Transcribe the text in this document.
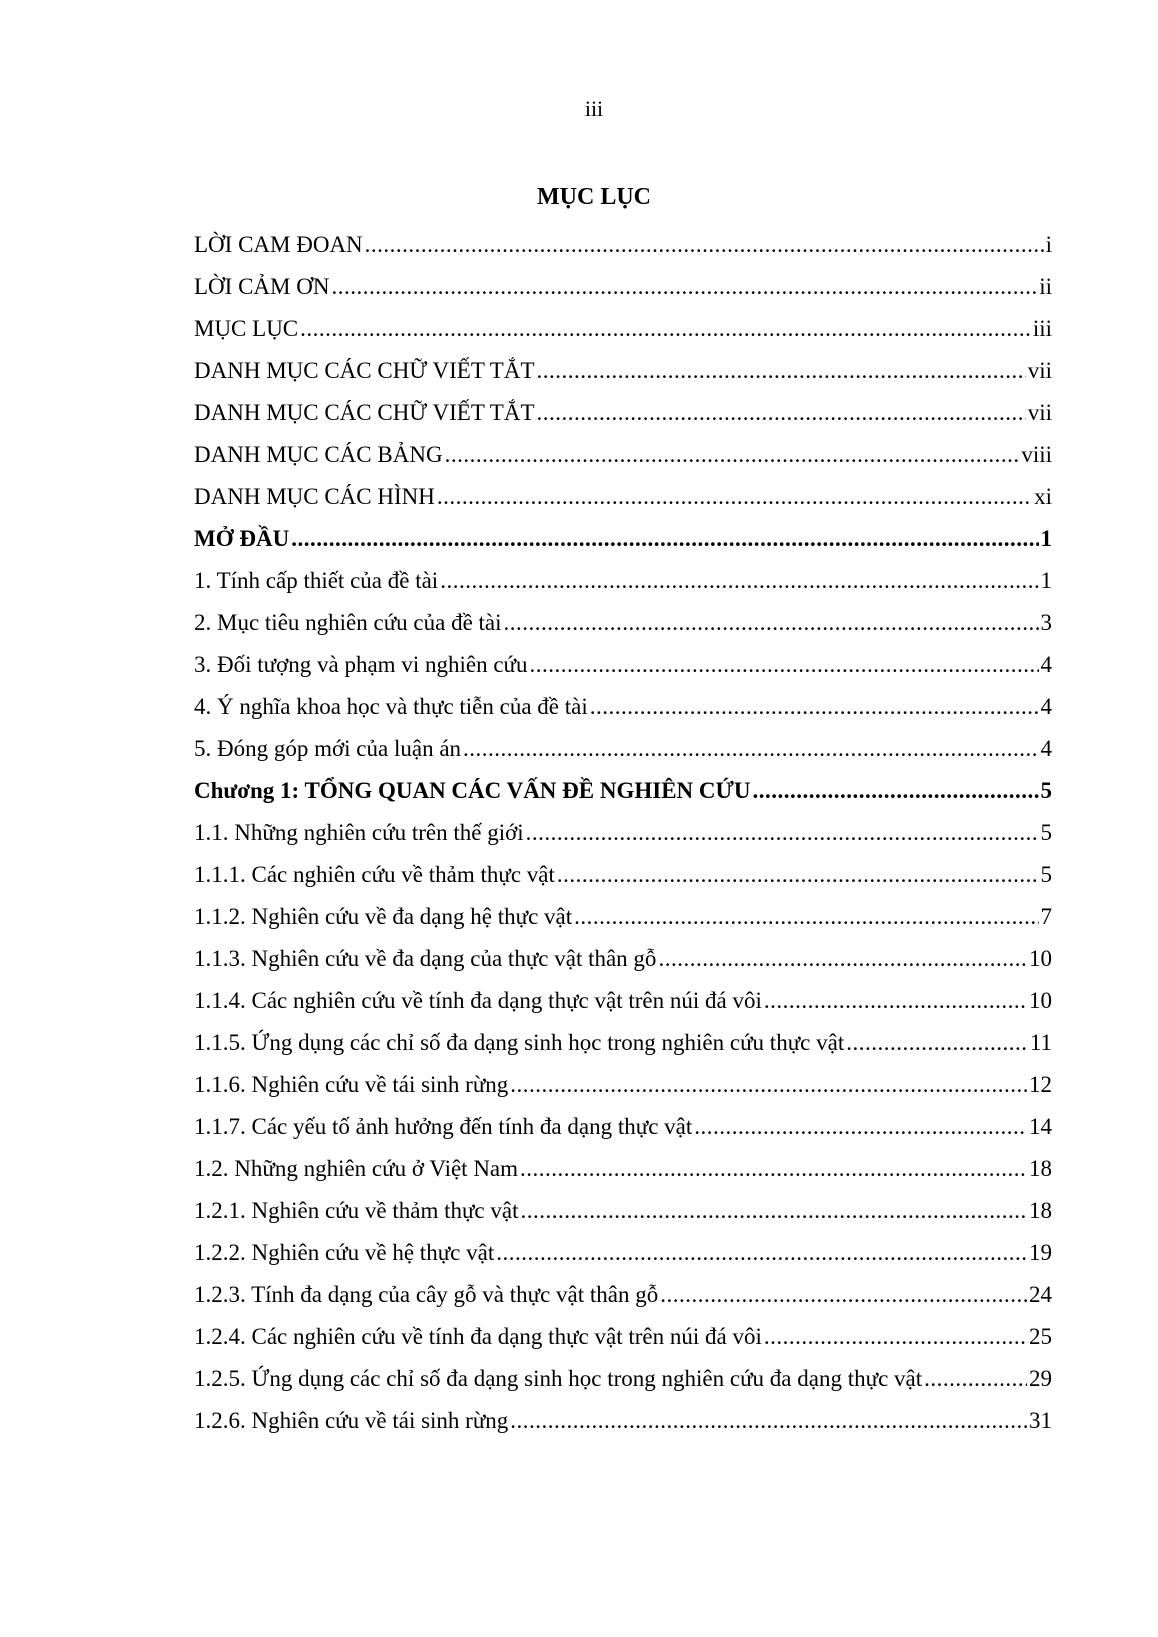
iii
MỤC LỤC
LỜI CAM ĐOAN .....	i
LỜI CẢM ƠN .....	ii
MỤC LỤC .....	iii
DANH MỤC CÁC CHỮ VIẾT TẮT .....	vii
DANH MỤC CÁC CHỮ VIẾT TẮT .....	vii
DANH MỤC CÁC BẢNG .....	viii
DANH MỤC CÁC HÌNH .....	xi
MỞ ĐẦU .....	1
1. Tính cấp thiết của đề tài .....	1
2. Mục tiêu nghiên cứu của đề tài .....	3
3. Đối tượng và phạm vi nghiên cứu .....	4
4. Ý nghĩa khoa học và thực tiễn của đề tài .....	4
5. Đóng góp mới của luận án .....	4
Chương 1: TỔNG QUAN CÁC VẤN ĐỀ NGHIÊN CỨU .....	5
1.1. Những nghiên cứu trên thế giới .....	5
1.1.1. Các nghiên cứu về thảm thực vật .....	5
1.1.2. Nghiên cứu về đa dạng hệ thực vật .....	7
1.1.3. Nghiên cứu về đa dạng của thực vật thân gỗ .....	10
1.1.4. Các nghiên cứu về tính đa dạng thực vật trên núi đá vôi .....	10
1.1.5. Ứng dụng các chỉ số đa dạng sinh học trong nghiên cứu thực vật .....	11
1.1.6. Nghiên cứu về tái sinh rừng .....	12
1.1.7. Các yếu tố ảnh hưởng đến tính đa dạng thực vật .....	14
1.2. Những nghiên cứu ở Việt Nam .....	18
1.2.1. Nghiên cứu về thảm thực vật .....	18
1.2.2. Nghiên cứu về hệ thực vật .....	19
1.2.3. Tính đa dạng của cây gỗ và thực vật thân gỗ .....	24
1.2.4. Các nghiên cứu về tính đa dạng thực vật trên núi đá vôi .....	25
1.2.5. Ứng dụng các chỉ số đa dạng sinh học trong nghiên cứu đa dạng thực vật .....	29
1.2.6. Nghiên cứu về tái sinh rừng .....	31
